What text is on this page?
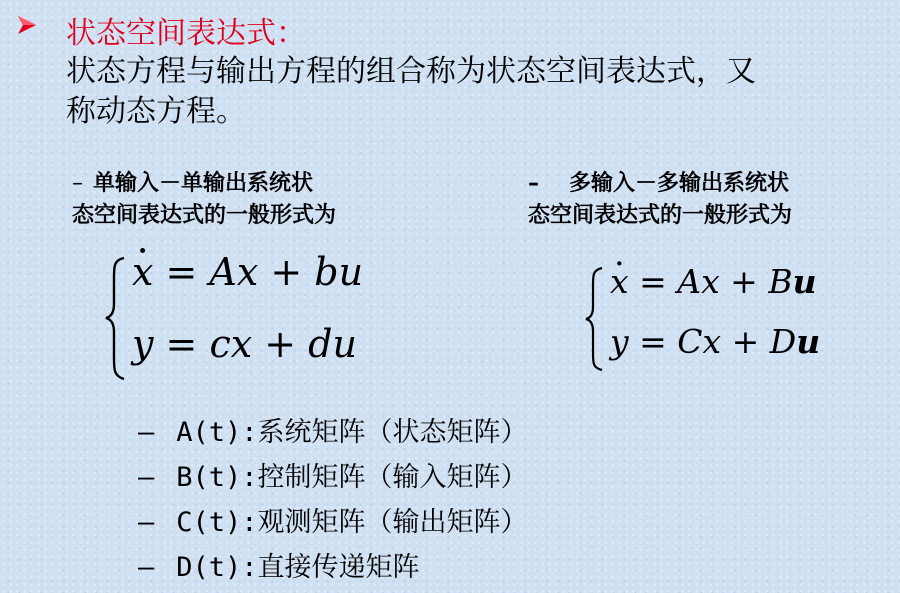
状态空间表达式：
状态方程与输出方程的组合称为状态空间表达式，又
称动态方程。
– 单输入－单输出系统状
态空间表达式的一般形式为
– 多输入－多输出系统状
态空间表达式的一般形式为
· x = Ax + bu
y = cx + du
· x = Ax + Bu
y = Cx + Du
– A(t):系统矩阵（状态矩阵）
– B(t):控制矩阵（输入矩阵）
– C(t):观测矩阵（输出矩阵）
– D(t):直接传递矩阵
